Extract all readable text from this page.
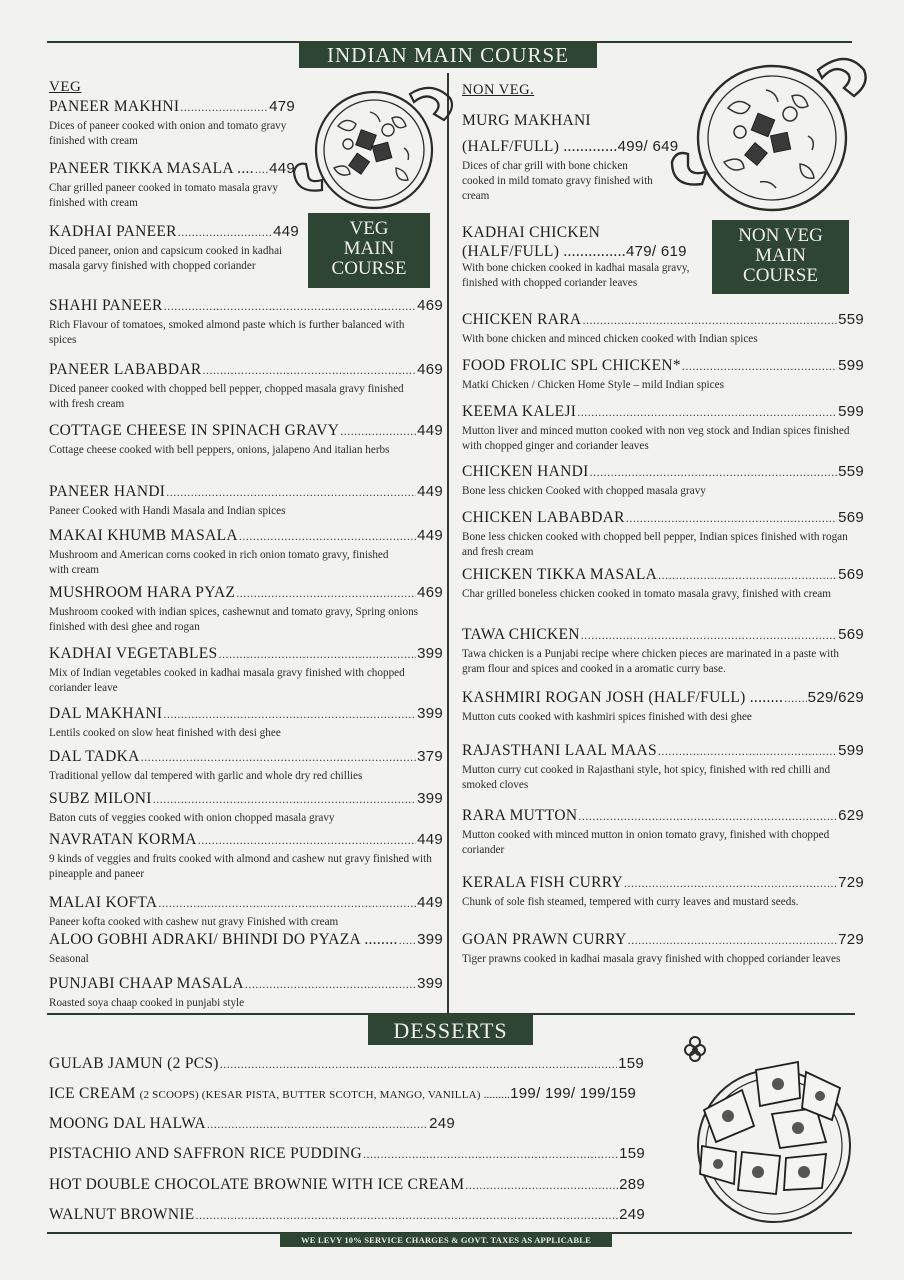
INDIAN MAIN COURSE
VEG
MAIN
COURSE
NON VEG
MAIN
COURSE
VEG
PANEER MAKHNI .....	479
Dices of paneer cooked with onion and tomato gravy finished with cream
PANEER TIKKA MASALA .... ..... 449
Char grilled paneer cooked in tomato masala gravy finished with cream
KADHAI PANEER .....	449
Diced paneer, onion and capsicum cooked in kadhai masala garvy finished with chopped coriander
SHAHI PANEER .....	469
Rich Flavour of tomatoes, smoked almond paste which is further balanced with spices
PANEER LABABDAR .....	469
Diced paneer cooked with chopped bell pepper, chopped masala gravy finished with fresh cream
COTTAGE CHEESE IN SPINACH GRAVY .....	449
Cottage cheese cooked with bell peppers, onions, jalapeno And italian herbs
PANEER HANDI .....	449
Paneer Cooked with Handi Masala and Indian spices
MAKAI KHUMB MASALA .....	449
Mushroom and American corns cooked in rich onion tomato gravy, finished with cream
MUSHROOM HARA PYAZ .....	469
Mushroom cooked with indian spices, cashewnut and tomato gravy, Spring onions finished with desi ghee and rogan
KADHAI VEGETABLES .....	399
Mix of Indian vegetables cooked in kadhai masala gravy finished with chopped coriander leave
DAL MAKHANI .....	399
Lentils cooked on slow heat finished with desi ghee
DAL TADKA .....	379
Traditional yellow dal tempered with garlic and whole dry red chillies
SUBZ MILONI .....	399
Baton cuts of veggies cooked with onion chopped masala gravy
NAVRATAN KORMA .....	449
9 kinds of veggies and fruits cooked with almond and cashew nut gravy finished with pineapple and paneer
MALAI KOFTA .....	449
Paneer kofta cooked with cashew nut gravy Finished with cream
ALOO GOBHI ADRAKI/ BHINDI DO PYAZA ........ ..... 399
Seasonal
PUNJABI CHAAP MASALA .....	399
Roasted soya chaap cooked in punjabi style
NON VEG.
MURG MAKHANI
(HALF/FULL) ............. 499/ 649
Dices of char grill with bone chicken cooked in mild tomato gravy finished with cream
KADHAI CHICKEN
(HALF/FULL) ............... 479/ 619
With bone chicken cooked in kadhai masala gravy, finished with chopped coriander leaves
CHICKEN RARA .....	559
With bone chicken and minced chicken cooked with Indian spices
FOOD FROLIC SPL CHICKEN* .....	599
Matki Chicken / Chicken Home Style – mild Indian spices
KEEMA KALEJI .....	599
Mutton liver and minced mutton cooked with non veg stock and Indian spices finished with chopped ginger and coriander leaves
CHICKEN HANDI .....	559
Bone less chicken Cooked with chopped masala gravy
CHICKEN LABABDAR .....	569
Bone less chicken cooked with chopped bell pepper, Indian spices finished with rogan and fresh cream
CHICKEN TIKKA MASALA .....	569
Char grilled boneless chicken cooked in tomato masala gravy, finished with cream
TAWA CHICKEN .....	569
Tawa chicken is a Punjabi recipe where chicken pieces are marinated in a paste with gram flour and spices and cooked in a aromatic curry base.
KASHMIRI ROGAN JOSH (HALF/FULL) ........ ..... 529/629
Mutton cuts cooked with kashmiri spices finished with desi ghee
RAJASTHANI LAAL MAAS .....	599
Mutton curry cut cooked in Rajasthani style, hot spicy, finished with red chilli and smoked cloves
RARA MUTTON .....	629
Mutton cooked with minced mutton in onion tomato gravy, finished with chopped coriander
KERALA FISH CURRY .....	729
Chunk of sole fish steamed, tempered with curry leaves and mustard seeds.
GOAN PRAWN CURRY .....	729
Tiger prawns cooked in kadhai masala gravy finished with chopped coriander leaves
DESSERTS
GULAB JAMUN (2 PCS) .....	159
ICE CREAM (2 SCOOPS) (KESAR PISTA, BUTTER SCOTCH, MANGO, VANILLA) ......... 199/ 199/ 199/159
MOONG DAL HALWA .....	249
PISTACHIO AND SAFFRON RICE PUDDING .....	159
HOT DOUBLE CHOCOLATE BROWNIE WITH ICE CREAM .....	289
WALNUT BROWNIE .....	249
WE LEVY 10% SERVICE CHARGES & GOVT. TAXES AS APPLICABLE
